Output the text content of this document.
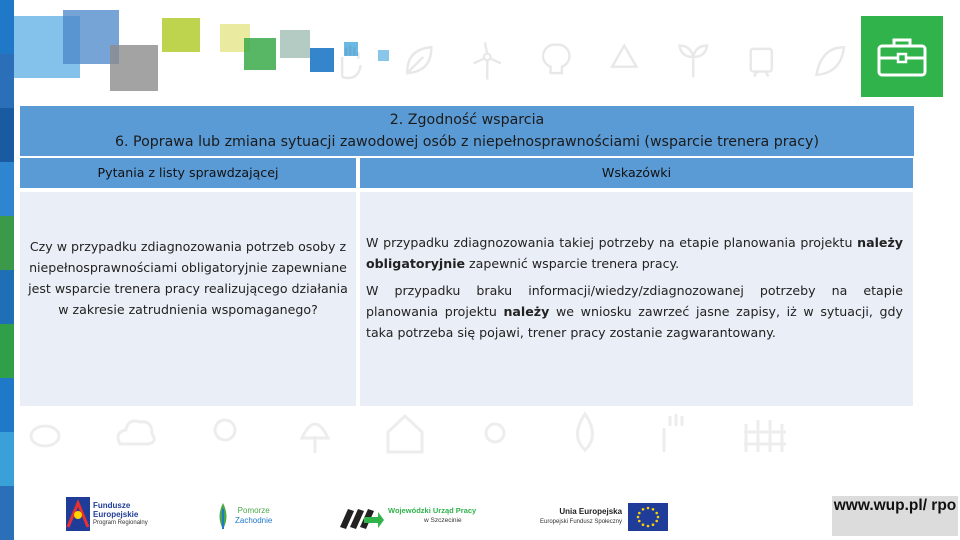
2. Zgodność wsparcia
6. Poprawa lub zmiana sytuacji zawodowej osób z niepełnosprawnościami (wsparcie trenera pracy)
Pytania z listy sprawdzającej	Wskazówki
Czy w przypadku zdiagnozowania potrzeb osoby z niepełnosprawnościami obligatoryjnie zapewniane jest wsparcie trenera pracy realizującego działania w zakresie zatrudnienia wspomaganego?

W przypadku zdiagnozowania takiej potrzeby na etapie planowania projektu należy obligatoryjnie zapewnić wsparcie trenera pracy.

W przypadku braku informacji/wiedzy/zdiagnozowanej potrzeby na etapie planowania projektu należy we wniosku zawrzeć jasne zapisy, iż w sytuacji, gdy taka potrzeba się pojawi, trener pracy zostanie zagwarantowany.

Fundusze
Europejskie
Program Regionalny
Pomorze
Zachodnie
Wojewódzki Urząd Pracy
w Szczecinie
Unia Europejska
Europejski Fundusz Społeczny
www.wup.pl/ rpo
